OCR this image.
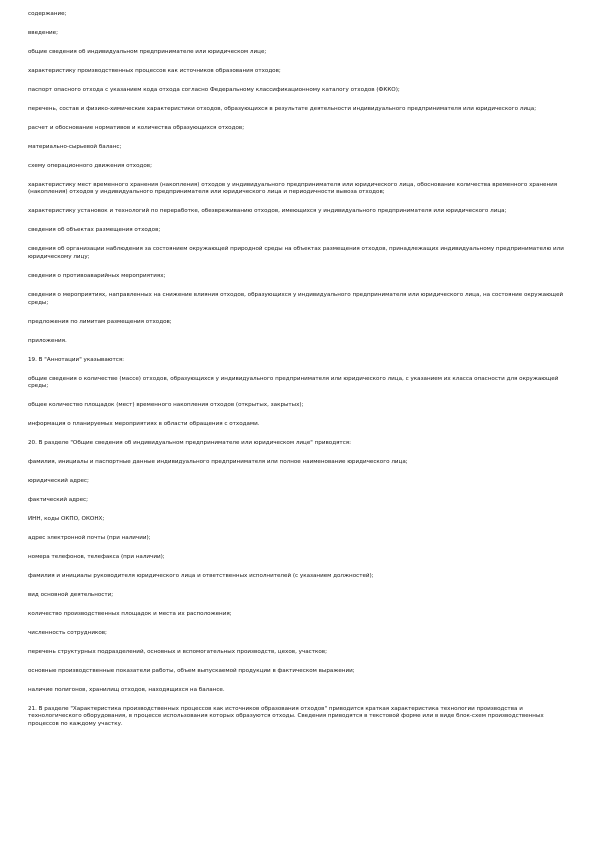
содержание;

введение;

общие сведения об индивидуальном предпринимателе или юридическом лице;

характеристику производственных процессов как источников образования отходов;

паспорт опасного отхода с указанием кода отхода согласно Федеральному классификационному каталогу отходов (ФККО);

перечень, состав и физико-химические характеристики отходов, образующихся в результате деятельности индивидуального предпринимателя или юридического лица;

расчет и обоснование нормативов и количества образующихся отходов;

материально-сырьевой баланс;

схему операционного движения отходов;

характеристику мест временного хранения (накопления) отходов у индивидуального предпринимателя или юридического лица, обоснование количества временного хранения (накопления) отходов у индивидуального предпринимателя или юридического лица и периодичности вывоза отходов;

характеристику установок и технологий по переработке, обезвреживанию отходов, имеющихся у индивидуального предпринимателя или юридического лица;

сведения об объектах размещения отходов;

сведения об организации наблюдения за состоянием окружающей природной среды на объектах размещения отходов, принадлежащих индивидуальному предпринимателю или юридическому лицу;

сведения о противоаварийных мероприятиях;

сведения о мероприятиях, направленных на снижение влияния отходов, образующихся у индивидуального предпринимателя или юридического лица, на состояние окружающей среды;

предложения по лимитам размещения отходов;

приложения.

19. В "Аннотации" указываются:

общие сведения о количестве (массе) отходов, образующихся у индивидуального предпринимателя или юридического лица, с указанием их класса опасности для окружающей среды;

общее количество площадок (мест) временного накопления отходов (открытых, закрытых);

информация о планируемых мероприятиях в области обращения с отходами.

20. В разделе "Общие сведения об индивидуальном предпринимателе или юридическом лице" приводятся:

фамилия, инициалы и паспортные данные индивидуального предпринимателя или полное наименование юридического лица;

юридический адрес;

фактический адрес;

ИНН, коды ОКПО, ОКОНХ;

адрес электронной почты (при наличии);

номера телефонов, телефакса (при наличии);

фамилия и инициалы руководителя юридического лица и ответственных исполнителей (с указанием должностей);

вид основной деятельности;

количество производственных площадок и места их расположения;

численность сотрудников;

перечень структурных подразделений, основных и вспомогательных производств, цехов, участков;

основные производственные показатели работы, объем выпускаемой продукции в фактическом выражении;

наличие полигонов, хранилищ отходов, находящихся на балансе.

21. В разделе "Характеристика производственных процессов как источников образования отходов" приводится краткая характеристика технологии производства и технологического оборудования, в процессе использования которых образуются отходы. Сведения приводятся в текстовой форме или в виде блок-схем производственных процессов по каждому участку.
